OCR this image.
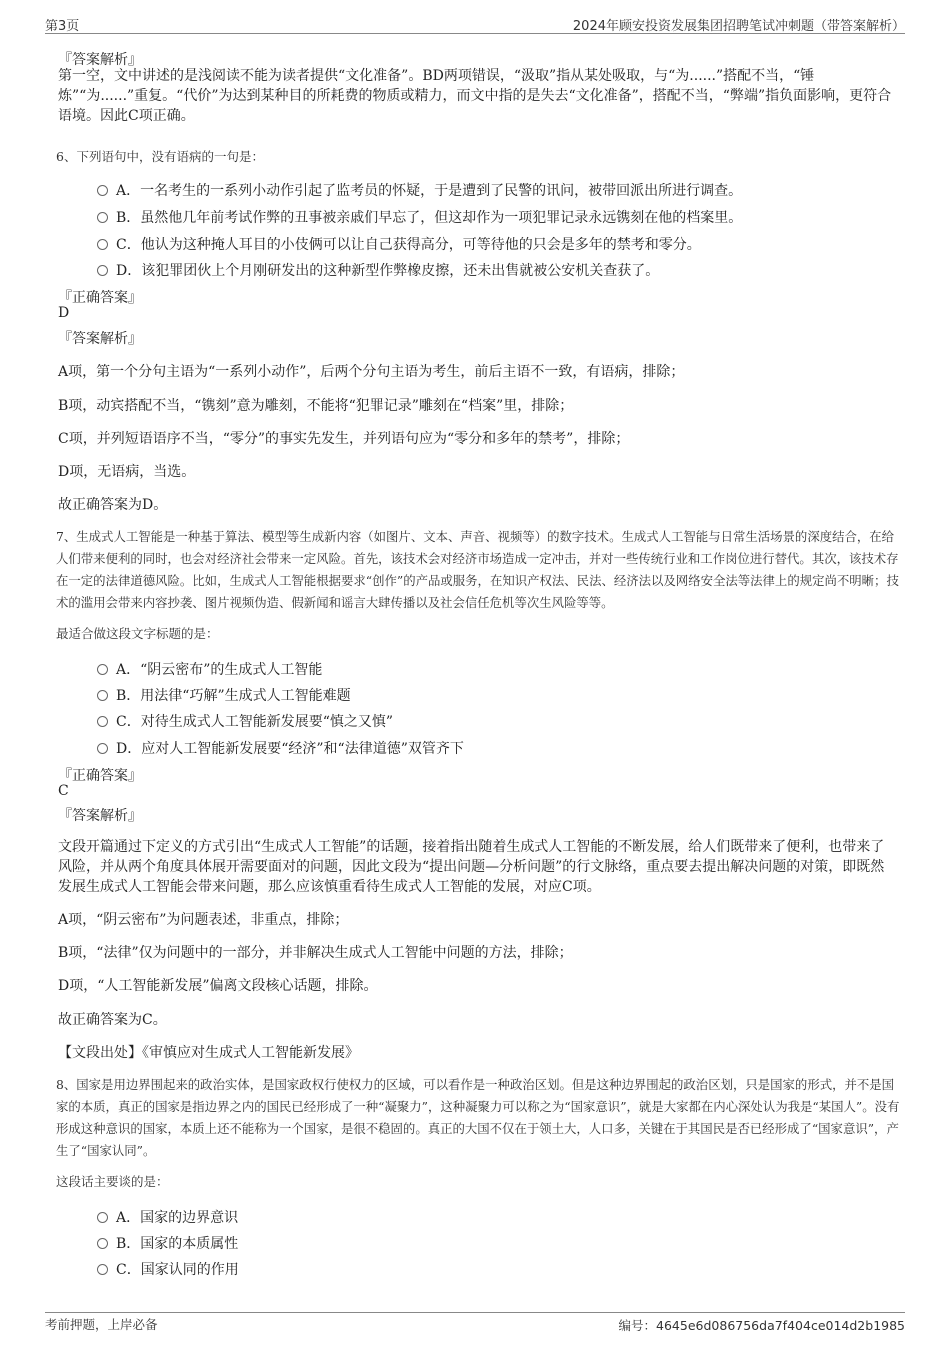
第3页	2024年顾安投资发展集团招聘笔试冲刺题（带答案解析）
『答案解析』
第一空，文中讲述的是浅阅读不能为读者提供“文化准备”。BD两项错误，“汲取”指从某处吸取，与“为......”搭配不当，“锤炼”“为......”重复。“代价”为达到某种目的所耗费的物质或精力，而文中指的是失去“文化准备”，搭配不当，“弊端”指负面影响，更符合语境。因此C项正确。
6、下列语句中，没有语病的一句是：
A．一名考生的一系列小动作引起了监考员的怀疑，于是遭到了民警的讯问，被带回派出所进行调查。
B．虽然他几年前考试作弊的丑事被亲戚们早忘了，但这却作为一项犯罪记录永远镌刻在他的档案里。
C．他认为这种掩人耳目的小伎俩可以让自己获得高分，可等待他的只会是多年的禁考和零分。
D．该犯罪团伙上个月刚研发出的这种新型作弊橡皮擦，还未出售就被公安机关查获了。
『正确答案』
D
『答案解析』
A项，第一个分句主语为“一系列小动作”，后两个分句主语为考生，前后主语不一致，有语病，排除；
B项，动宾搭配不当，“镌刻”意为雕刻，不能将“犯罪记录”雕刻在“档案”里，排除；
C项，并列短语语序不当，“零分”的事实先发生，并列语句应为“零分和多年的禁考”，排除；
D项，无语病，当选。
故正确答案为D。
7、生成式人工智能是一种基于算法、模型等生成新内容（如图片、文本、声音、视频等）的数字技术。生成式人工智能与日常生活场景的深度结合，在给人们带来便利的同时，也会对经济社会带来一定风险。首先，该技术会对经济市场造成一定冲击，并对一些传统行业和工作岗位进行替代。其次，该技术存在一定的法律道德风险。比如，生成式人工智能根据要求“创作”的产品或服务，在知识产权法、民法、经济法以及网络安全法等法律上的规定尚不明晰；技术的滥用会带来内容抄袭、图片视频伪造、假新闻和谣言大肆传播以及社会信任危机等次生风险等等。
最适合做这段文字标题的是：
A．“阴云密布”的生成式人工智能
B．用法律“巧解”生成式人工智能难题
C．对待生成式人工智能新发展要“慎之又慎”
D．应对人工智能新发展要“经济”和“法律道德”双管齐下
『正确答案』
C
『答案解析』
文段开篇通过下定义的方式引出“生成式人工智能”的话题，接着指出随着生成式人工智能的不断发展，给人们既带来了便利，也带来了风险，并从两个角度具体展开需要面对的问题，因此文段为“提出问题—分析问题”的行文脉络，重点要去提出解决问题的对策，即既然发展生成式人工智能会带来问题，那么应该慎重看待生成式人工智能的发展，对应C项。
A项，“阴云密布”为问题表述，非重点，排除；
B项，“法律”仅为问题中的一部分，并非解决生成式人工智能中问题的方法，排除；
D项，“人工智能新发展”偏离文段核心话题，排除。
故正确答案为C。
【文段出处】《审慎应对生成式人工智能新发展》
8、国家是用边界围起来的政治实体，是国家政权行使权力的区域，可以看作是一种政治区划。但是这种边界围起的政治区划，只是国家的形式，并不是国家的本质，真正的国家是指边界之内的国民已经形成了一种“凝聚力”，这种凝聚力可以称之为“国家意识”，就是大家都在内心深处认为我是“某国人”。没有形成这种意识的国家，本质上还不能称为一个国家，是很不稳固的。真正的大国不仅在于领土大，人口多，关键在于其国民是否已经形成了“国家意识”，产生了“国家认同”。
这段话主要谈的是：
A．国家的边界意识
B．国家的本质属性
C．国家认同的作用
考前押题，上岸必备	编号：4645e6d086756da7f404ce014d2b1985
